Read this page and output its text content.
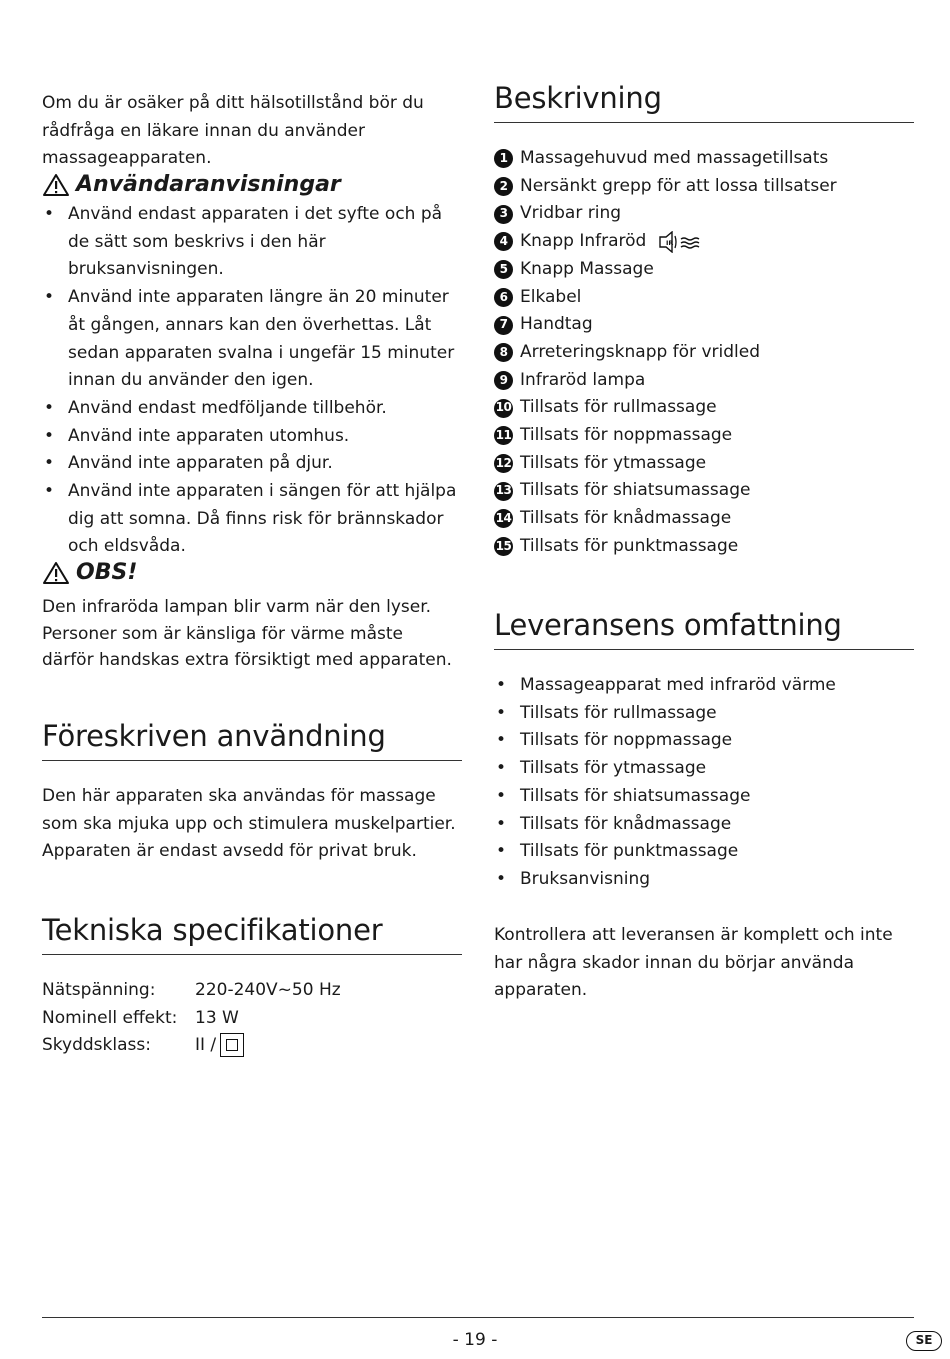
Om du är osäker på ditt hälsotillstånd bör du rådfråga en läkare innan du använder massageapparaten.

Användaranvisningar
• Använd endast apparaten i det syfte och på de sätt som beskrivs i den här bruksanvisningen.
• Använd inte apparaten längre än 20 minuter åt gången, annars kan den överhettas. Låt sedan apparaten svalna i ungefär 15 minuter innan du använder den igen.
• Använd endast medföljande tillbehör.
• Använd inte apparaten utomhus.
• Använd inte apparaten på djur.
• Använd inte apparaten i sängen för att hjälpa dig att somna. Då finns risk för brännskador och eldsvåda.
OBS!

Den infraröda lampan blir varm när den lyser. Personer som är känsliga för värme måste därför handskas extra försiktigt med apparaten.

Föreskriven användning

Den här apparaten ska användas för massage som ska mjuka upp och stimulera muskelpartier. Apparaten är endast avsedd för privat bruk.

Tekniska specifikationer
Nätspänning:	220-240V~50 Hz
Nominell effekt:	13 W
Skyddsklass:	II /
Beskrivning
1 Massagehuvud med massagetillsats
2 Nersänkt grepp för att lossa tillsatser
3 Vridbar ring
4 Knapp Infraröd	IR
5 Knapp Massage
6 Elkabel
7 Handtag
8 Arreteringsknapp för vridled
9 Infraröd lampa
10 Tillsats för rullmassage
11 Tillsats för noppmassage
12 Tillsats för ytmassage
13 Tillsats för shiatsumassage
14 Tillsats för knådmassage
15 Tillsats för punktmassage
Leveransens omfattning
• Massageapparat med infraröd värme
• Tillsats för rullmassage
• Tillsats för noppmassage
• Tillsats för ytmassage
• Tillsats för shiatsumassage
• Tillsats för knådmassage
• Tillsats för punktmassage
• Bruksanvisning

Kontrollera att leveransen är komplett och inte har några skador innan du börjar använda apparaten.

- 19 -	SE
